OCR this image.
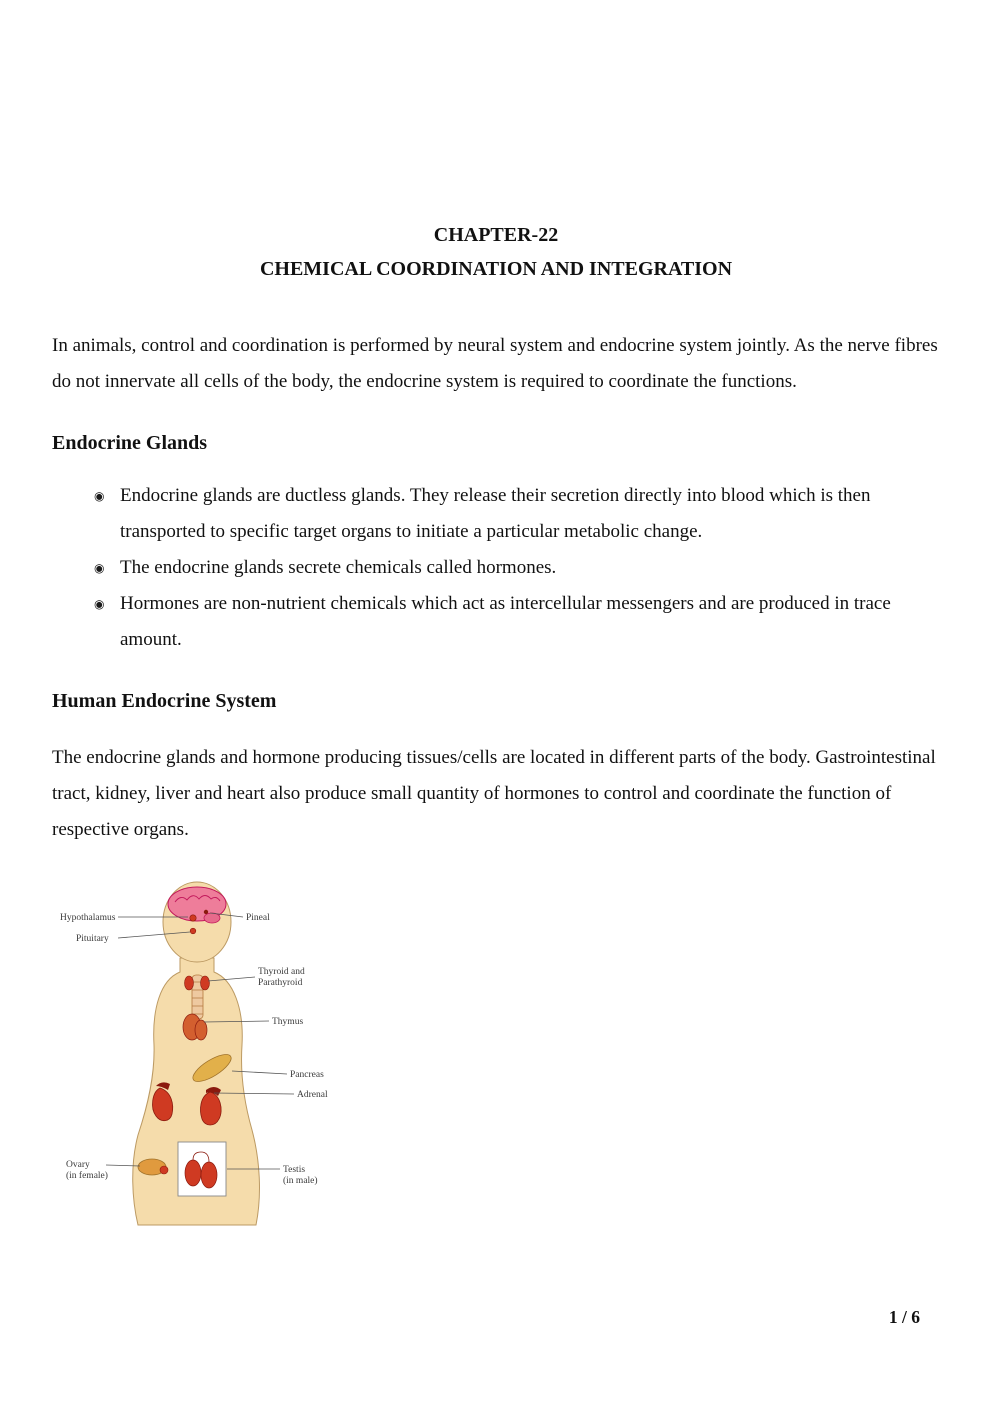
CHAPTER-22
CHEMICAL COORDINATION AND INTEGRATION

In animals, control and coordination is performed by neural system and endocrine system jointly. As the nerve fibres do not innervate all cells of the body, the endocrine system is required to coordinate the functions.

Endocrine Glands
◉ Endocrine glands are ductless glands. They release their secretion directly into blood which is then transported to specific target organs to initiate a particular metabolic change.
◉ The endocrine glands secrete chemicals called hormones.
◉ Hormones are non-nutrient chemicals which act as intercellular messengers and are produced in trace amount.
Human Endocrine System

The endocrine glands and hormone producing tissues/cells are located in different parts of the body. Gastrointestinal tract, kidney, liver and heart also produce small quantity of hormones to control and coordinate the function of respective organs.

Hypothalamus
Pituitary
Pineal
Thyroid and
Parathyroid
Thymus
Pancreas
Adrenal
Ovary
(in female)
Testis
(in male)
1 / 6
